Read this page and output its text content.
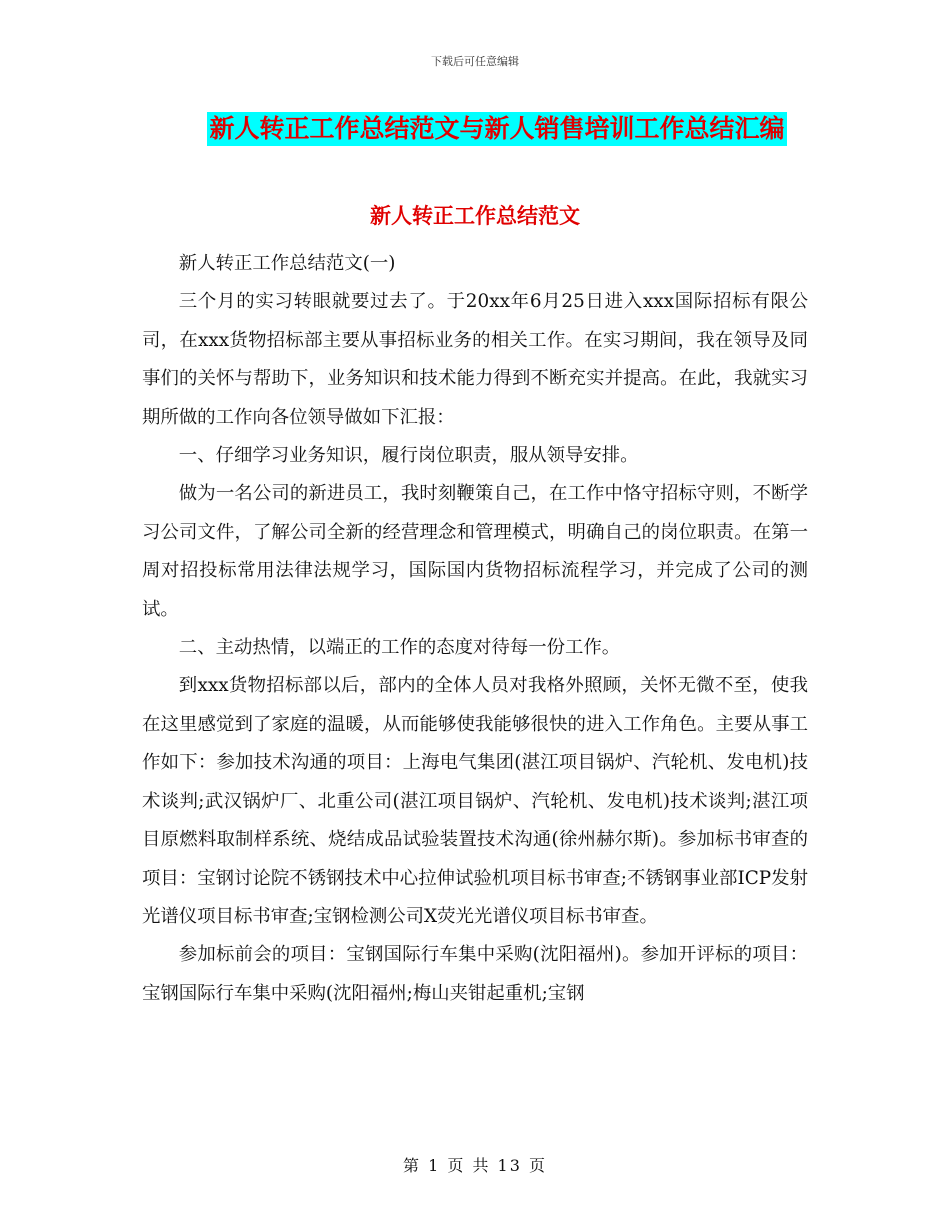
下载后可任意编辑
新人转正工作总结范文与新人销售培训工作总结汇编
新人转正工作总结范文

新人转正工作总结范文(一)

三个月的实习转眼就要过去了。于20xx年6月25日进入xxx国际招标有限公司，在xxx货物招标部主要从事招标业务的相关工作。在实习期间，我在领导及同事们的关怀与帮助下，业务知识和技术能力得到不断充实并提高。在此，我就实习期所做的工作向各位领导做如下汇报：

一、仔细学习业务知识，履行岗位职责，服从领导安排。

做为一名公司的新进员工，我时刻鞭策自己，在工作中恪守招标守则，不断学习公司文件，了解公司全新的经营理念和管理模式，明确自己的岗位职责。在第一周对招投标常用法律法规学习，国际国内货物招标流程学习，并完成了公司的测试。

二、主动热情，以端正的工作的态度对待每一份工作。

到xxx货物招标部以后，部内的全体人员对我格外照顾，关怀无微不至，使我在这里感觉到了家庭的温暖，从而能够使我能够很快的进入工作角色。主要从事工作如下：参加技术沟通的项目：上海电气集团(湛江项目锅炉、汽轮机、发电机)技术谈判;武汉锅炉厂、北重公司(湛江项目锅炉、汽轮机、发电机)技术谈判;湛江项目原燃料取制样系统、烧结成品试验装置技术沟通(徐州赫尔斯)。参加标书审查的项目：宝钢讨论院不锈钢技术中心拉伸试验机项目标书审查;不锈钢事业部ICP发射光谱仪项目标书审查;宝钢检测公司X荧光光谱仪项目标书审查。

参加标前会的项目：宝钢国际行车集中采购(沈阳福州)。参加开评标的项目：宝钢国际行车集中采购(沈阳福州;梅山夹钳起重机;宝钢

第 1 页 共 13 页
